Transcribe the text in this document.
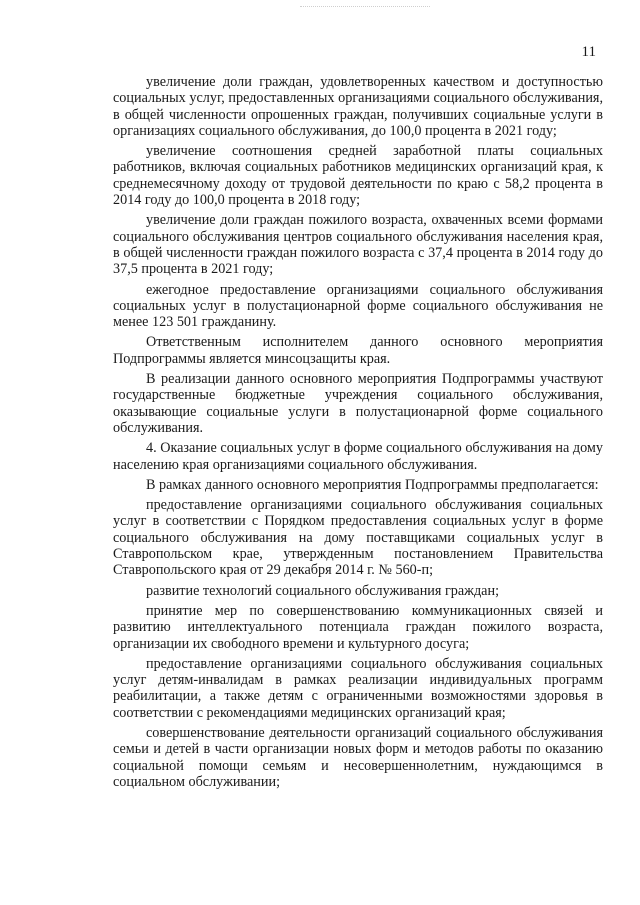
11

увеличение доли граждан, удовлетворенных качеством и доступностью социальных услуг, предоставленных организациями социального обслуживания, в общей численности опрошенных граждан, получивших социальные услуги в организациях социального обслуживания, до 100,0 процента в 2021 году;

увеличение соотношения средней заработной платы социальных работников, включая социальных работников медицинских организаций края, к среднемесячному доходу от трудовой деятельности по краю с 58,2 процента в 2014 году до 100,0 процента в 2018 году;

увеличение доли граждан пожилого возраста, охваченных всеми формами социального обслуживания центров социального обслуживания населения края, в общей численности граждан пожилого возраста с 37,4 процента в 2014 году до 37,5 процента в 2021 году;

ежегодное предоставление организациями социального обслуживания социальных услуг в полустационарной форме социального обслуживания не менее 123 501 гражданину.

Ответственным исполнителем данного основного мероприятия Подпрограммы является минсоцзащиты края.

В реализации данного основного мероприятия Подпрограммы участвуют государственные бюджетные учреждения социального обслуживания, оказывающие социальные услуги в полустационарной форме социального обслуживания.

4. Оказание социальных услуг в форме социального обслуживания на дому населению края организациями социального обслуживания.

В рамках данного основного мероприятия Подпрограммы предполагается:

предоставление организациями социального обслуживания социальных услуг в соответствии с Порядком предоставления социальных услуг в форме социального обслуживания на дому поставщиками социальных услуг в Ставропольском крае, утвержденным постановлением Правительства Ставропольского края от 29 декабря 2014 г. № 560-п;

развитие технологий социального обслуживания граждан;

принятие мер по совершенствованию коммуникационных связей и развитию интеллектуального потенциала граждан пожилого возраста, организации их свободного времени и культурного досуга;

предоставление организациями социального обслуживания социальных услуг детям-инвалидам в рамках реализации индивидуальных программ реабилитации, а также детям с ограниченными возможностями здоровья в соответствии с рекомендациями медицинских организаций края;

совершенствование деятельности организаций социального обслуживания семьи и детей в части организации новых форм и методов работы по оказанию социальной помощи семьям и несовершеннолетним, нуждающимся в социальном обслуживании;
